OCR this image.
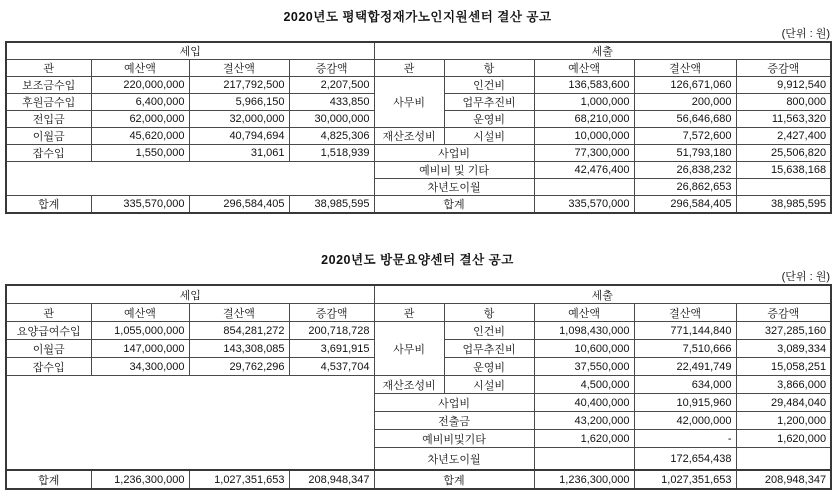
2020년도 평택합정재가노인지원센터 결산 공고
(단위 : 원)
세입				세출				
관	예산액	결산액	증감액	관	항	예산액	결산액	증감액
보조금수입	220,000,000	217,792,500	2,207,500	사무비	인건비	136,583,600	126,671,060	9,912,540
후원금수입	6,400,000	5,966,150	433,850		업무추진비	1,000,000	200,000	800,000
전입금	62,000,000	32,000,000	30,000,000		운영비	68,210,000	56,646,680	11,563,320
이월금	45,620,000	40,794,694	4,825,306	재산조성비	시설비	10,000,000	7,572,600	2,427,400
잡수입	1,550,000	31,061	1,518,939	사업비		77,300,000	51,793,180	25,506,820
				예비비 및 기타		42,476,400	26,838,232	15,638,168
				차년도이월			26,862,653	
합계	335,570,000	296,584,405	38,985,595	합계		335,570,000	296,584,405	38,985,595
2020년도 방문요양센터 결산 공고
(단위 : 원)
세입				세출				
관	예산액	결산액	증감액	관	항	예산액	결산액	증감액
요양급여수입	1,055,000,000	854,281,272	200,718,728	사무비	인건비	1,098,430,000	771,144,840	327,285,160
이월금	147,000,000	143,308,085	3,691,915		업무추진비	10,600,000	7,510,666	3,089,334
잡수입	34,300,000	29,762,296	4,537,704		운영비	37,550,000	22,491,749	15,058,251
				재산조성비	시설비	4,500,000	634,000	3,866,000
				사업비		40,400,000	10,915,960	29,484,040
				전출금		43,200,000	42,000,000	1,200,000
				예비비및기타		1,620,000	-	1,620,000
				차년도이월			172,654,438	
합계	1,236,300,000	1,027,351,653	208,948,347	합계		1,236,300,000	1,027,351,653	208,948,347
